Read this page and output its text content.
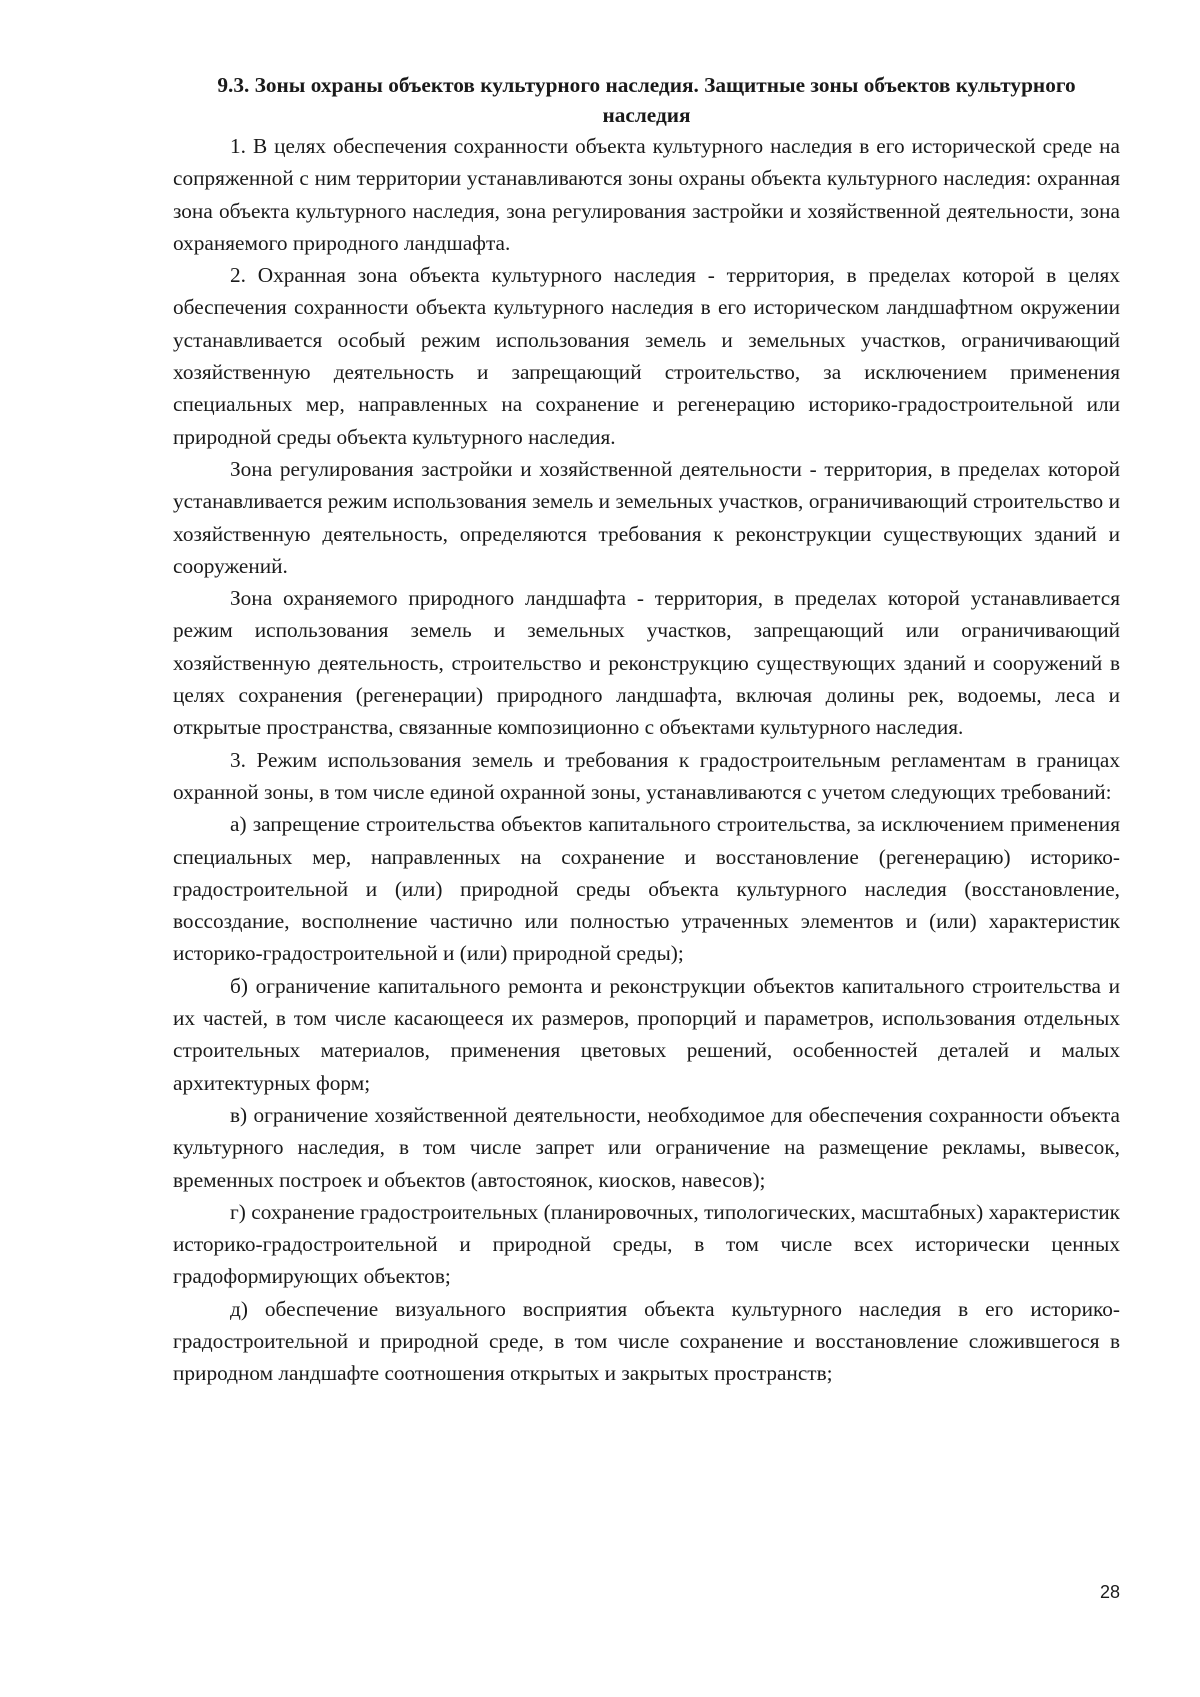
9.3. Зоны охраны объектов культурного наследия. Защитные зоны объектов культурного наследия

1. В целях обеспечения сохранности объекта культурного наследия в его исторической среде на сопряженной с ним территории устанавливаются зоны охраны объекта культурного наследия: охранная зона объекта культурного наследия, зона регулирования застройки и хозяйственной деятельности, зона охраняемого природного ландшафта.

2. Охранная зона объекта культурного наследия - территория, в пределах которой в целях обеспечения сохранности объекта культурного наследия в его историческом ландшафтном окружении устанавливается особый режим использования земель и земельных участков, ограничивающий хозяйственную деятельность и запрещающий строительство, за исключением применения специальных мер, направленных на сохранение и регенерацию историко-градостроительной или природной среды объекта культурного наследия.

Зона регулирования застройки и хозяйственной деятельности - территория, в пределах которой устанавливается режим использования земель и земельных участков, ограничивающий строительство и хозяйственную деятельность, определяются требования к реконструкции существующих зданий и сооружений.

Зона охраняемого природного ландшафта - территория, в пределах которой устанавливается режим использования земель и земельных участков, запрещающий или ограничивающий хозяйственную деятельность, строительство и реконструкцию существующих зданий и сооружений в целях сохранения (регенерации) природного ландшафта, включая долины рек, водоемы, леса и открытые пространства, связанные композиционно с объектами культурного наследия.

3. Режим использования земель и требования к градостроительным регламентам в границах охранной зоны, в том числе единой охранной зоны, устанавливаются с учетом следующих требований:

а) запрещение строительства объектов капитального строительства, за исключением применения специальных мер, направленных на сохранение и восстановление (регенерацию) историко-градостроительной и (или) природной среды объекта культурного наследия (восстановление, воссоздание, восполнение частично или полностью утраченных элементов и (или) характеристик историко-градостроительной и (или) природной среды);

б) ограничение капитального ремонта и реконструкции объектов капитального строительства и их частей, в том числе касающееся их размеров, пропорций и параметров, использования отдельных строительных материалов, применения цветовых решений, особенностей деталей и малых архитектурных форм;

в) ограничение хозяйственной деятельности, необходимое для обеспечения сохранности объекта культурного наследия, в том числе запрет или ограничение на размещение рекламы, вывесок, временных построек и объектов (автостоянок, киосков, навесов);

г) сохранение градостроительных (планировочных, типологических, масштабных) характеристик историко-градостроительной и природной среды, в том числе всех исторически ценных градоформирующих объектов;

д) обеспечение визуального восприятия объекта культурного наследия в его историко-градостроительной и природной среде, в том числе сохранение и восстановление сложившегося в природном ландшафте соотношения открытых и закрытых пространств;

28
